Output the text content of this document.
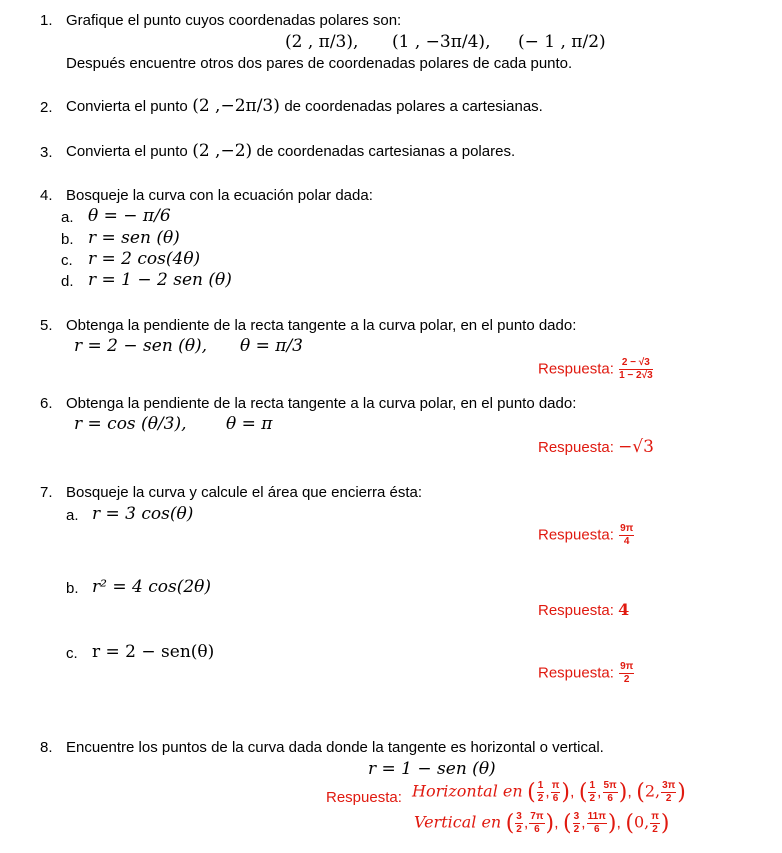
1. Grafique el punto cuyos coordenadas polares son:
(2 , π/3), (1 , −3π/4), (− 1 , π/2)
Después encuentre otros dos pares de coordenadas polares de cada punto.
2. Convierta el punto (2 ,−2π/3) de coordenadas polares a cartesianas.
3. Convierta el punto (2 ,−2) de coordenadas cartesianas a polares.
4. Bosqueje la curva con la ecuación polar dada:
a. θ = − π/6
b. r = sen (θ)
c. r = 2 cos(4θ)
d. r = 1 − 2 sen (θ)
5. Obtenga la pendiente de la recta tangente a la curva polar, en el punto dado:
r = 2 − sen (θ), θ = π/3
Respuesta: $\frac{2 - √3}{1 - 2√3}$
6. Obtenga la pendiente de la recta tangente a la curva polar, en el punto dado:
r = cos (θ/3), θ = π
Respuesta: −√3
7. Bosqueje la curva y calcule el área que encierra ésta:
a. r = 3 cos(θ)
Respuesta: $\frac{9\pi}{4}$
b. r² = 4 cos(2θ)
Respuesta: 4
c. r = 2 − sen(θ)
Respuesta: $\frac{9\pi}{2}$
8. Encuentre los puntos de la curva dada donde la tangente es horizontal o vertical.
r = 1 − sen (θ)
Respuesta: Horizontal en ( $\frac{1}{2}$ , $\frac{\pi}{6}$ ), ( $\frac{1}{2}$ , $\frac{5\pi}{6}$ ), (2, $\frac{3\pi}{2}$ )
Vertical en ( $\frac{3}{2}$ , $\frac{7\pi}{6}$ ), ( $\frac{3}{2}$ , $\frac{11\pi}{6}$ ), (0, $\frac{\pi}{2}$ )
